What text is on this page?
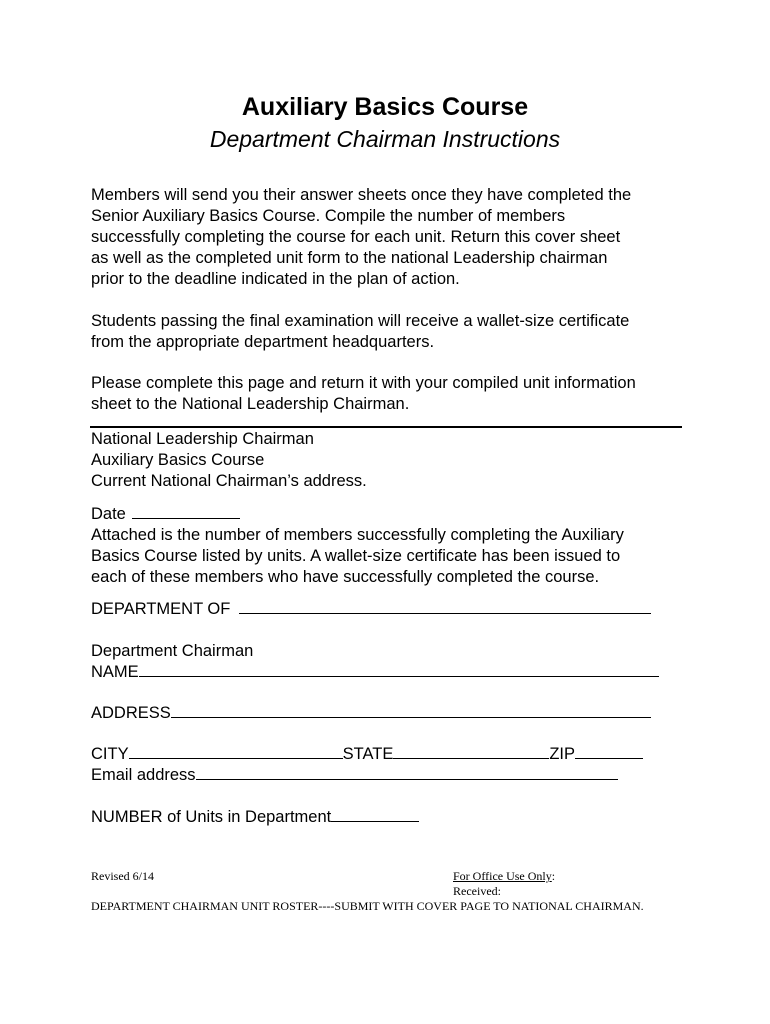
Auxiliary Basics Course
Department Chairman Instructions
Members will send you their answer sheets once they have completed the
Senior Auxiliary Basics Course. Compile the number of members
successfully completing the course for each unit. Return this cover sheet
as well as the completed unit form to the national Leadership chairman
prior to the deadline indicated in the plan of action.
Students passing the final examination will receive a wallet-size certificate
from the appropriate department headquarters.
Please complete this page and return it with your compiled unit information
sheet to the National Leadership Chairman.
National Leadership Chairman
Auxiliary Basics Course
Current National Chairman’s address.
Date
Attached is the number of members successfully completing the Auxiliary
Basics Course listed by units. A wallet-size certificate has been issued to
each of these members who have successfully completed the course.
DEPARTMENT OF
Department Chairman
NAME
ADDRESS
CITY	STATE	ZIP
Email address
NUMBER of Units in Department
Revised 6/14	For Office Use Only:
Received:
DEPARTMENT CHAIRMAN UNIT ROSTER----SUBMIT WITH COVER PAGE TO NATIONAL CHAIRMAN.
